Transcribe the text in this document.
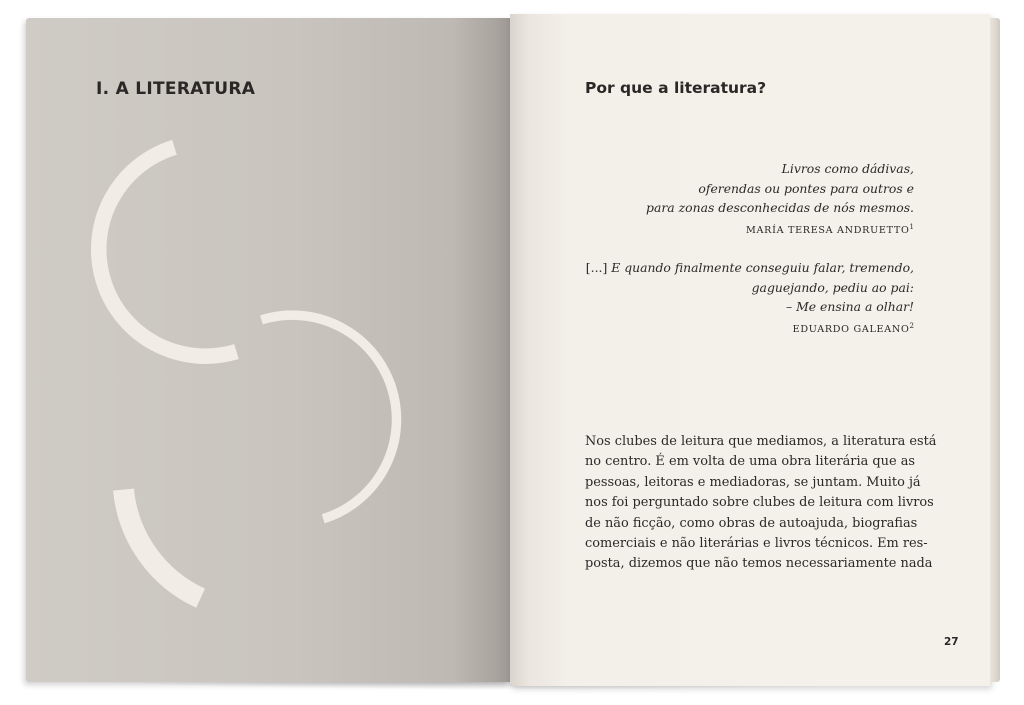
I. A LITERATURA	Por que a literatura?

Livros como dádivas,
oferendas ou pontes para outros e
para zonas desconhecidas de nós mesmos.
MARÍA TERESA ANDRUETTO$^1$

[...] E quando finalmente conseguiu falar, tremendo,
gaguejando, pediu ao pai:
– Me ensina a olhar!
EDUARDO GALEANO$^2$

Nos clubes de leitura que mediamos, a literatura está
no centro. É em volta de uma obra literária que as
pessoas, leitoras e mediadoras, se juntam. Muito já
nos foi perguntado sobre clubes de leitura com livros
de não ficção, como obras de autoajuda, biografias
comerciais e não literárias e livros técnicos. Em res-
posta, dizemos que não temos necessariamente nada

27
